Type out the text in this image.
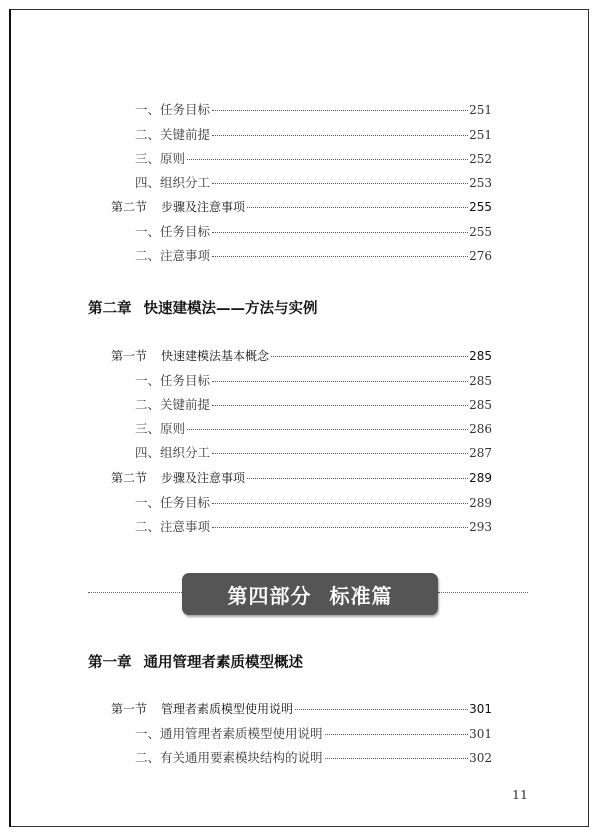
一、任务目标	251
二、关键前提	251
三、原则	252
四、组织分工	253
第二节 步骤及注意事项	255
一、任务目标	255
二、注意事项	276
第二章 快速建模法——方法与实例
第一节 快速建模法基本概念	285
一、任务目标	285
二、关键前提	285
三、原则	286
四、组织分工	287
第二节 步骤及注意事项	289
一、任务目标	289
二、注意事项	293
第四部分 标准篇
第一章 通用管理者素质模型概述
第一节 管理者素质模型使用说明	301
一、通用管理者素质模型使用说明	301
二、有关通用要素模块结构的说明	302
11
